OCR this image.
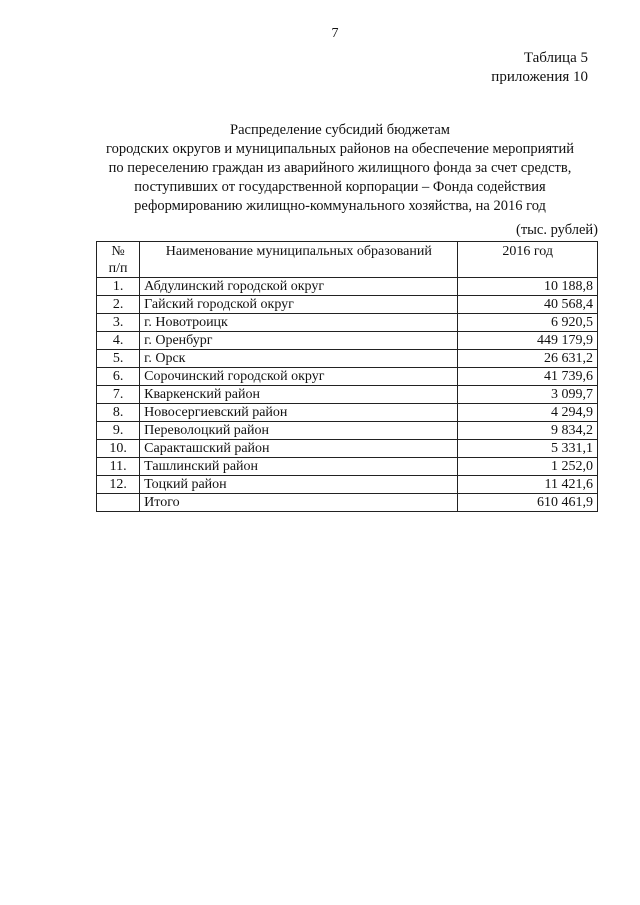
7
Таблица 5
приложения 10
Распределение субсидий бюджетам
городских округов и муниципальных районов на обеспечение мероприятий
по переселению граждан из аварийного жилищного фонда за счет средств,
поступивших от государственной корпорации – Фонда содействия
реформированию жилищно-коммунального хозяйства, на 2016 год
(тыс. рублей)
№
п/п	Наименование муниципальных образований	2016 год
1.	Абдулинский городской округ	10 188,8
2.	Гайский городской округ	40 568,4
3.	г. Новотроицк	6 920,5
4.	г. Оренбург	449 179,9
5.	г. Орск	26 631,2
6.	Сорочинский городской округ	41 739,6
7.	Кваркенский район	3 099,7
8.	Новосергиевский район	4 294,9
9.	Переволоцкий район	9 834,2
10.	Саракташский район	5 331,1
11.	Ташлинский район	1 252,0
12.	Тоцкий район	11 421,6
	Итого	610 461,9
